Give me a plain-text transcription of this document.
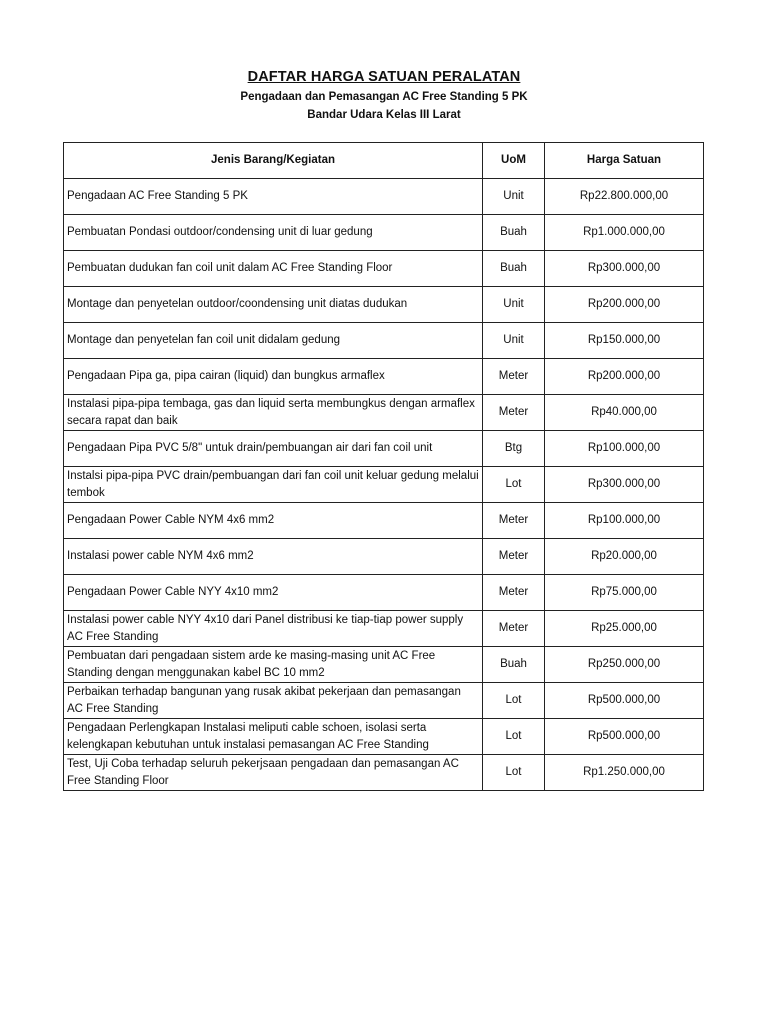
DAFTAR HARGA SATUAN PERALATAN
Pengadaan dan Pemasangan AC Free Standing 5 PK
Bandar Udara Kelas III Larat
Jenis Barang/Kegiatan	UoM	Harga Satuan
Pengadaan AC Free Standing 5 PK	Unit	Rp22.800.000,00
Pembuatan Pondasi outdoor/condensing unit di luar gedung	Buah	Rp1.000.000,00
Pembuatan dudukan fan coil unit dalam AC Free Standing Floor	Buah	Rp300.000,00
Montage dan penyetelan outdoor/coondensing unit diatas dudukan	Unit	Rp200.000,00
Montage dan penyetelan fan coil unit didalam gedung	Unit	Rp150.000,00
Pengadaan Pipa ga, pipa cairan (liquid) dan bungkus armaflex	Meter	Rp200.000,00
Instalasi pipa-pipa tembaga, gas dan liquid serta membungkus dengan armaflex secara rapat dan baik	Meter	Rp40.000,00
Pengadaan Pipa PVC 5/8" untuk drain/pembuangan air dari fan coil unit	Btg	Rp100.000,00
Instalsi pipa-pipa PVC drain/pembuangan dari fan coil unit keluar gedung melalui tembok	Lot	Rp300.000,00
Pengadaan Power Cable NYM 4x6 mm2	Meter	Rp100.000,00
Instalasi power cable NYM 4x6 mm2	Meter	Rp20.000,00
Pengadaan Power Cable NYY 4x10 mm2	Meter	Rp75.000,00
Instalasi power cable NYY 4x10 dari Panel distribusi ke tiap-tiap power supply AC Free Standing	Meter	Rp25.000,00
Pembuatan dari pengadaan sistem arde ke masing-masing unit AC Free Standing dengan menggunakan kabel BC 10 mm2	Buah	Rp250.000,00
Perbaikan terhadap bangunan yang rusak akibat pekerjaan dan pemasangan AC Free Standing	Lot	Rp500.000,00
Pengadaan Perlengkapan Instalasi meliputi cable schoen, isolasi serta kelengkapan kebutuhan untuk instalasi pemasangan AC Free Standing	Lot	Rp500.000,00
Test, Uji Coba terhadap seluruh pekerjsaan pengadaan dan pemasangan AC Free Standing Floor	Lot	Rp1.250.000,00
